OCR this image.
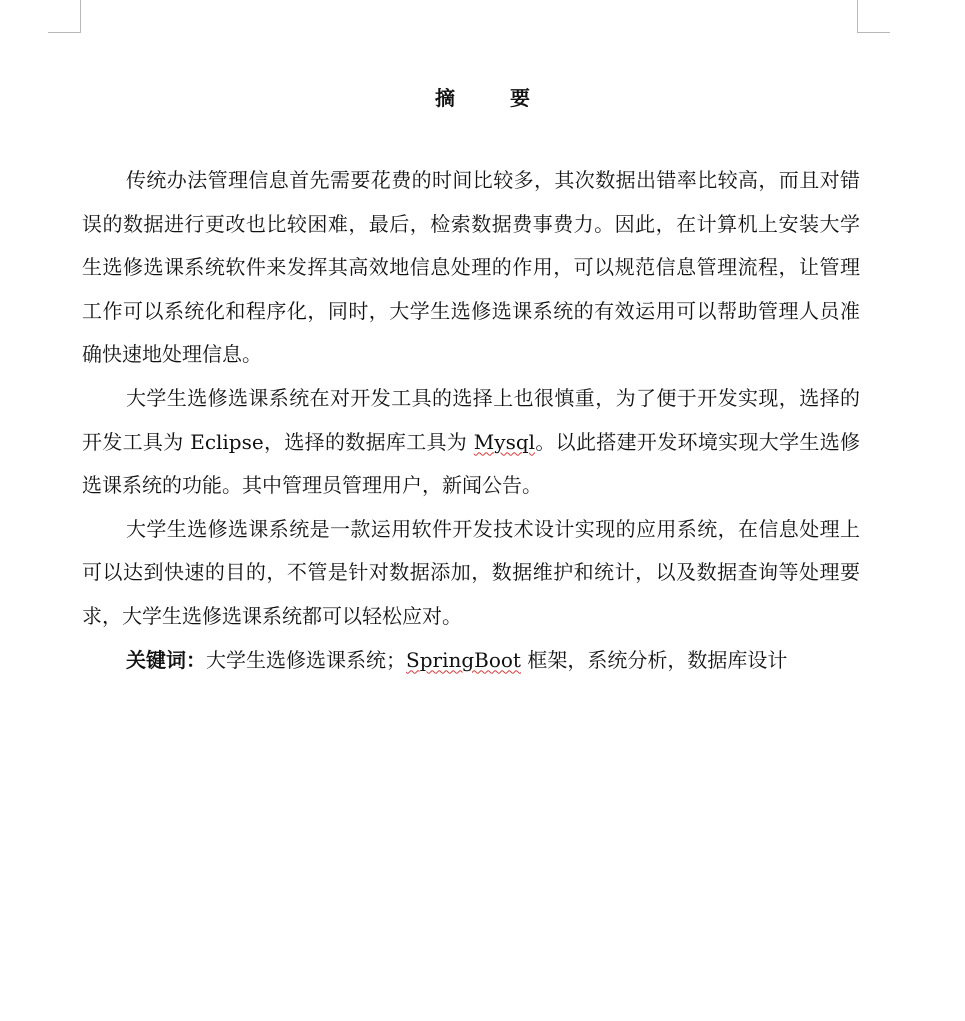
摘 要

传统办法管理信息首先需要花费的时间比较多，其次数据出错率比较高，而且对错误的数据进行更改也比较困难，最后，检索数据费事费力。因此，在计算机上安装大学生选修选课系统软件来发挥其高效地信息处理的作用，可以规范信息管理流程，让管理工作可以系统化和程序化，同时，大学生选修选课系统的有效运用可以帮助管理人员准确快速地处理信息。

大学生选修选课系统在对开发工具的选择上也很慎重，为了便于开发实现，选择的开发工具为 Eclipse，选择的数据库工具为 Mysql。以此搭建开发环境实现大学生选修选课系统的功能。其中管理员管理用户，新闻公告。

大学生选修选课系统是一款运用软件开发技术设计实现的应用系统，在信息处理上可以达到快速的目的，不管是针对数据添加，数据维护和统计，以及数据查询等处理要求，大学生选修选课系统都可以轻松应对。

关键词：大学生选修选课系统；SpringBoot 框架，系统分析，数据库设计
